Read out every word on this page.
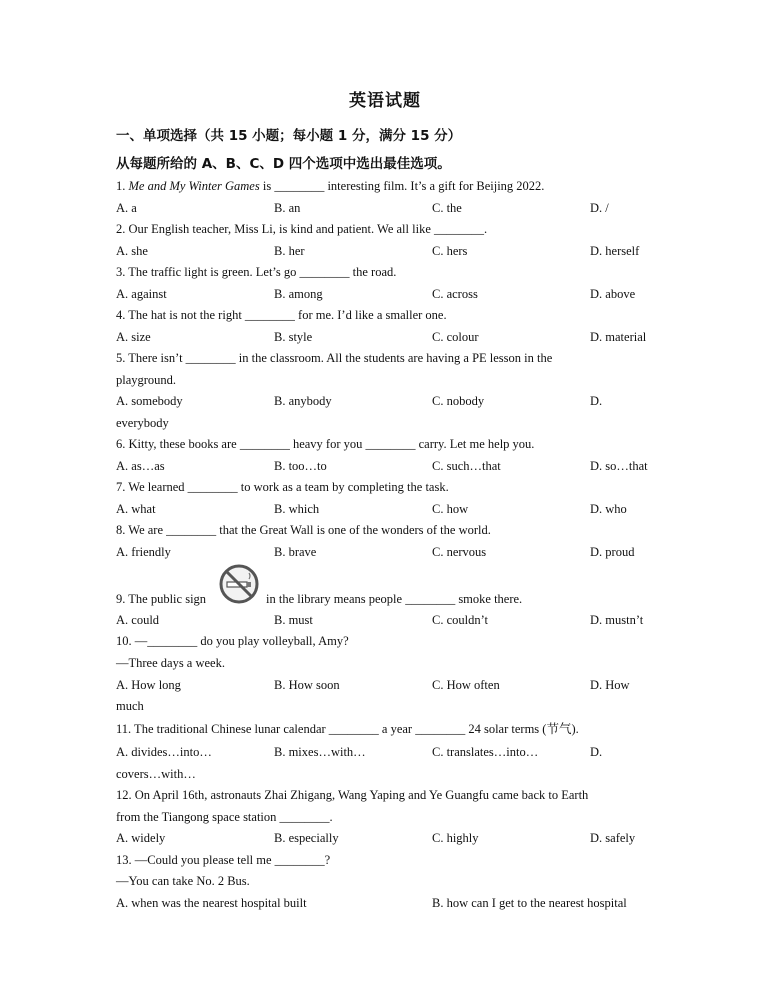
英语试题
一、单项选择（共 15 小题；每小题 1 分，满分 15 分）
从每题所给的 A、B、C、D 四个选项中选出最佳选项。
1. Me and My Winter Games is ________ interesting film. It’s a gift for Beijing 2022.
A. a	B. an	C. the	D. /
2. Our English teacher, Miss Li, is kind and patient. We all like ________.
A. she	B. her	C. hers	D. herself
3. The traffic light is green. Let’s go ________ the road.
A. against	B. among	C. across	D. above
4. The hat is not the right ________ for me. I’d like a smaller one.
A. size	B. style	C. colour	D. material
5. There isn’t ________ in the classroom. All the students are having a PE lesson in the
playground.
A. somebody	B. anybody	C. nobody	D.
everybody
6. Kitty, these books are ________ heavy for you ________ carry. Let me help you.
A. as…as	B. too…to	C. such…that	D. so…that
7. We learned ________ to work as a team by completing the task.
A. what	B. which	C. how	D. who
8. We are ________ that the Great Wall is one of the wonders of the world.
A. friendly	B. brave	C. nervous	D. proud
9. The public sign	in the library means people ________ smoke there.
A. could	B. must	C. couldn’t	D. mustn’t
10. —________ do you play volleyball, Amy?
—Three days a week.
A. How long	B. How soon	C. How often	D. How
much
11. The traditional Chinese lunar calendar ________ a year ________ 24 solar terms (节气).
A. divides…into…	B. mixes…with…	C. translates…into…	D.
covers…with…
12. On April 16th, astronauts Zhai Zhigang, Wang Yaping and Ye Guangfu came back to Earth
from the Tiangong space station ________.
A. widely	B. especially	C. highly	D. safely
13. —Could you please tell me ________?
—You can take No. 2 Bus.
A. when was the nearest hospital built	B. how can I get to the nearest hospital
